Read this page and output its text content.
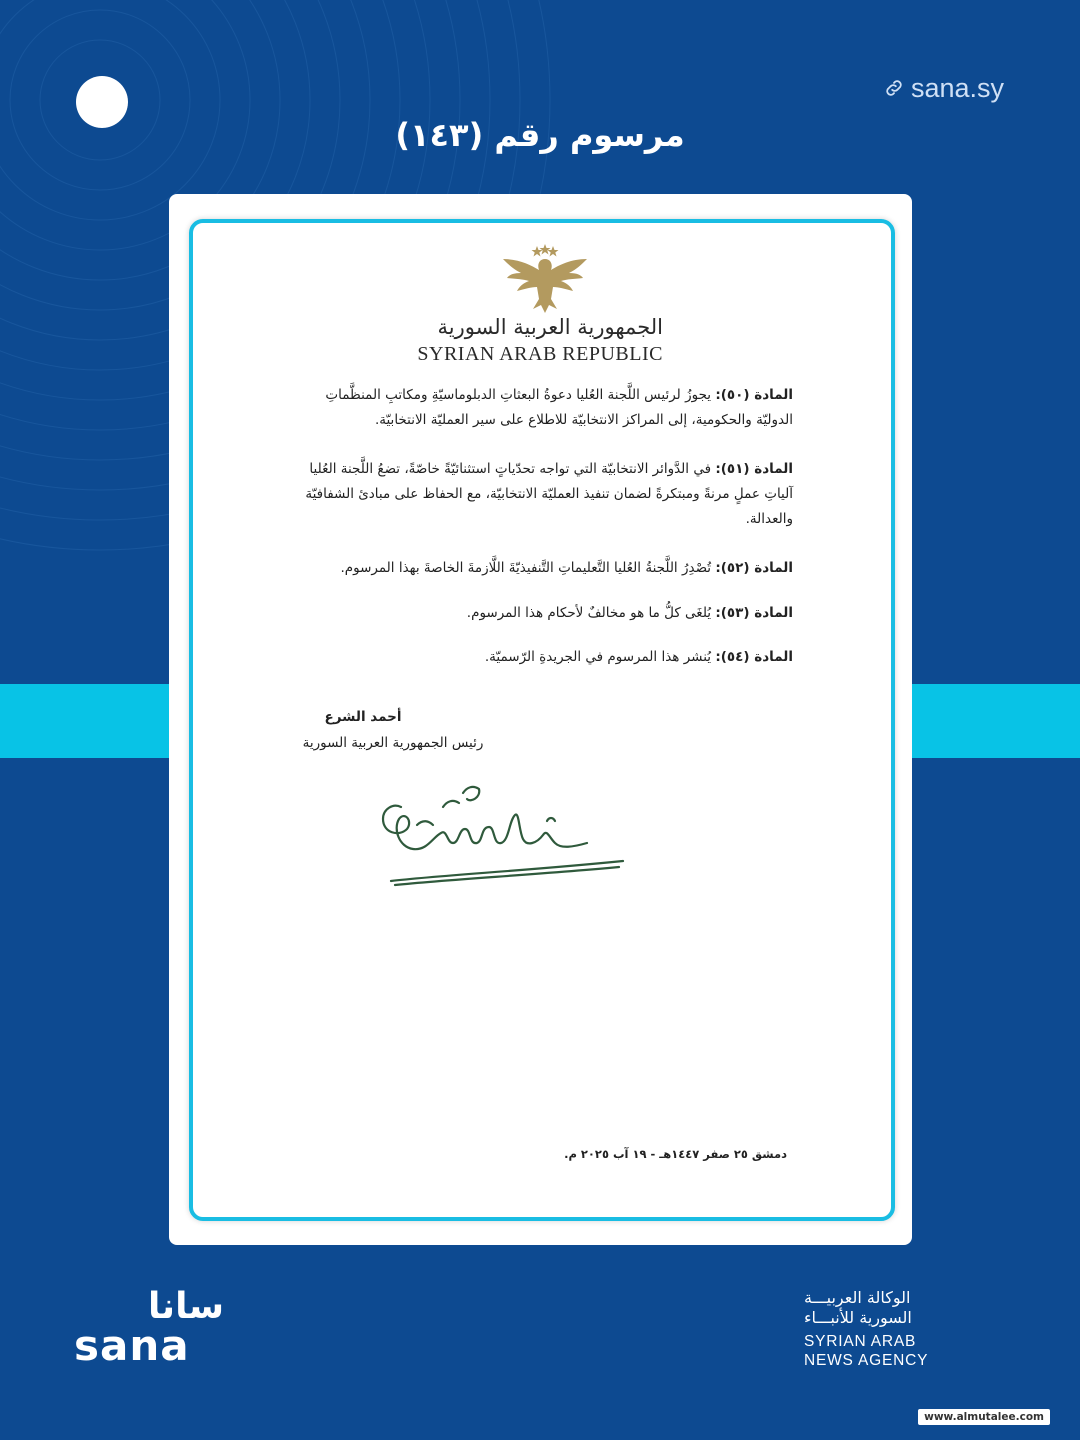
sana.sy
مرسوم رقم (١٤٣)
الجمهورية العربية السورية
SYRIAN ARAB REPUBLIC
المادة (٥٠): يجوزُ لرئيس اللَّجنة العُليا دعوةُ البعثاتِ الدبلوماسيّةِ ومكاتبِ المنظَّماتِ الدوليّة والحكومية، إلى المراكز الانتخابيّة للاطلاع على سير العمليّة الانتخابيّة.
المادة (٥١): في الدَّوائر الانتخابيّة التي تواجه تحدّياتٍ استثنائيّةً خاصّةً، تضعُ اللَّجنة العُليا آلياتِ عملٍ مرنةً ومبتكرةً لضمان تنفيذ العمليّة الانتخابيّة، مع الحفاظ على مبادئ الشفافيّة والعدالة.
المادة (٥٢): تُصْدِرُ اللَّجنةُ العُليا التَّعليماتِ التَّنفيذيّةَ اللَّازمةَ الخاصةَ بهذا المرسوم.
المادة (٥٣): يُلغَى كلُّ ما هو مخالفٌ لأحكام هذا المرسوم.
المادة (٥٤): يُنشر هذا المرسوم في الجريدةِ الرّسميّة.
أحمد الشرع
رئيس الجمهورية العربية السورية
دمشق ٢٥ صفر ١٤٤٧هـ - ١٩ آب ٢٠٢٥ م.
سانا
sana
الوكالة العربيـــة
السورية للأنبـــاء
SYRIAN ARAB
NEWS AGENCY
www.almutalee.com
